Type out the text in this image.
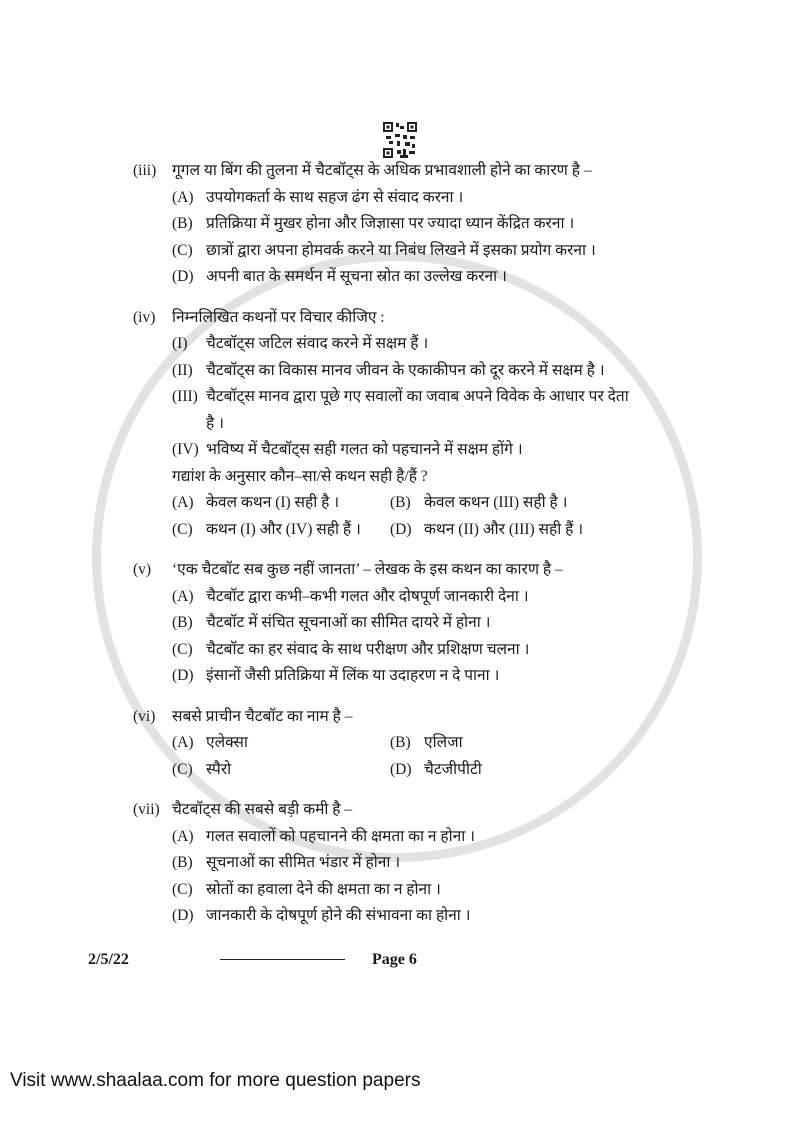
(iii)	गूगल या बिंग की तुलना में चैटबॉट्स के अधिक प्रभावशाली होने का कारण है –
(A) उपयोगकर्ता के साथ सहज ढंग से संवाद करना ।
(B) प्रतिक्रिया में मुखर होना और जिज्ञासा पर ज्यादा ध्यान केंद्रित करना ।
(C) छात्रों द्वारा अपना होमवर्क करने या निबंध लिखने में इसका प्रयोग करना ।
(D) अपनी बात के समर्थन में सूचना स्रोत का उल्लेख करना ।
(iv)	निम्नलिखित कथनों पर विचार कीजिए :
(I)	चैटबॉट्स जटिल संवाद करने में सक्षम हैं ।
(II) चैटबॉट्स का विकास मानव जीवन के एकाकीपन को दूर करने में सक्षम है ।
(III) चैटबॉट्स मानव द्वारा पूछे गए सवालों का जवाब अपने विवेक के आधार पर देता
है ।
(IV) भविष्य में चैटबॉट्स सही गलत को पहचानने में सक्षम होंगे ।
गद्यांश के अनुसार कौन–सा/से कथन सही है/हैं ?
(A) केवल कथन (I) सही है ।	(B) केवल कथन (III) सही है ।
(C) कथन (I) और (IV) सही हैं । (D) कथन (II) और (III) सही हैं ।
(v)	‘एक चैटबॉट सब कुछ नहीं जानता’ – लेखक के इस कथन का कारण है –
(A) चैटबॉट द्वारा कभी–कभी गलत और दोषपूर्ण जानकारी देना ।
(B) चैटबॉट में संचित सूचनाओं का सीमित दायरे में होना ।
(C) चैटबॉट का हर संवाद के साथ परीक्षण और प्रशिक्षण चलना ।
(D) इंसानों जैसी प्रतिक्रिया में लिंक या उदाहरण न दे पाना ।
(vi)	सबसे प्राचीन चैटबॉट का नाम है –
(A) एलेक्सा	(B) एलिजा
(C) स्पैरो	(D) चैटजीपीटी
(vii) चैटबॉट्स की सबसे बड़ी कमी है –
(A) गलत सवालों को पहचानने की क्षमता का न होना ।
(B) सूचनाओं का सीमित भंडार में होना ।
(C) स्रोतों का हवाला देने की क्षमता का न होना ।
(D) जानकारी के दोषपूर्ण होने की संभावना का होना ।
2/5/22	Page 6
Visit www.shaalaa.com for more question papers
